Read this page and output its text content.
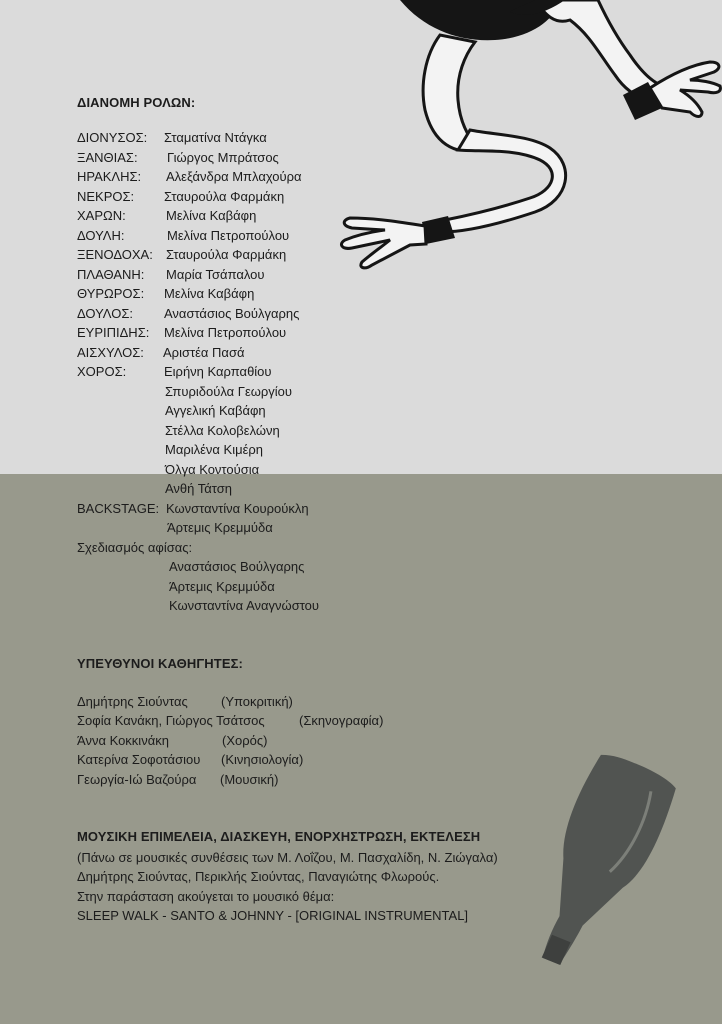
ΔΙΑΝΟΜΗ ΡΟΛΩΝ:
ΔΙΟΝΥΣΟΣ: Σταματίνα Ντάγκα
ΞΑΝΘΙΑΣ: Γιώργος Μπράτσος
ΗΡΑΚΛΗΣ: Αλεξάνδρα Μπλαχούρα
ΝΕΚΡΟΣ: Σταυρούλα Φαρμάκη
ΧΑΡΩΝ:	Μελίνα Καβάφη
ΔΟΥΛΗ:	Μελίνα Πετροπούλου
ΞΕΝΟΔΟΧΑ: Σταυρούλα Φαρμάκη
ΠΛΑΘΑΝΗ: Μαρία Τσάπαλου
ΘΥΡΩΡΟΣ: Μελίνα Καβάφη
ΔΟΥΛΟΣ: Αναστάσιος Βούλγαρης
ΕΥΡΙΠΙΔΗΣ: Μελίνα Πετροπούλου
ΑΙΣΧΥΛΟΣ: Αριστέα Πασά
ΧΟΡΟΣ:	Ειρήνη Καρπαθίου
Σπυριδούλα Γεωργίου
Αγγελική Καβάφη
Στέλλα Κολοβελώνη
Μαριλένα Κιμέρη
Όλγα Κοντούσια
Ανθή Τάτση
BACKSTAGE: Κωνσταντίνα Κουρούκλη
Άρτεμις Κρεμμύδα
Σχεδιασμός αφίσας:
Αναστάσιος Βούλγαρης
Άρτεμις Κρεμμύδα
Κωνσταντίνα Αναγνώστου
ΥΠΕΥΘΥΝΟΙ ΚΑΘΗΓΗΤΕΣ:
Δημήτρης Σιούντας	(Υποκριτική)
Σοφία Κανάκη, Γιώργος Τσάτσος	(Σκηνογραφία)
Άννα Κοκκινάκη	(Χορός)
Κατερίνα Σοφοτάσιου (Κινησιολογία)
Γεωργία-Ιώ Βαζούρα (Μουσική)
ΜΟΥΣΙΚΗ ΕΠΙΜΕΛΕΙΑ, ΔΙΑΣΚΕΥΗ, ΕΝΟΡΧΗΣΤΡΩΣΗ, ΕΚΤΕΛΕΣΗ
(Πάνω σε μουσικές συνθέσεις των Μ. Λοΐζου, Μ. Πασχαλίδη, Ν. Ζιώγαλα)
Δημήτρης Σιούντας, Περικλής Σιούντας, Παναγιώτης Φλωρούς.
Στην παράσταση ακούγεται το μουσικό θέμα:
SLEEP WALK - SANTO & JOHNNY - [ORIGINAL INSTRUMENTAL]
